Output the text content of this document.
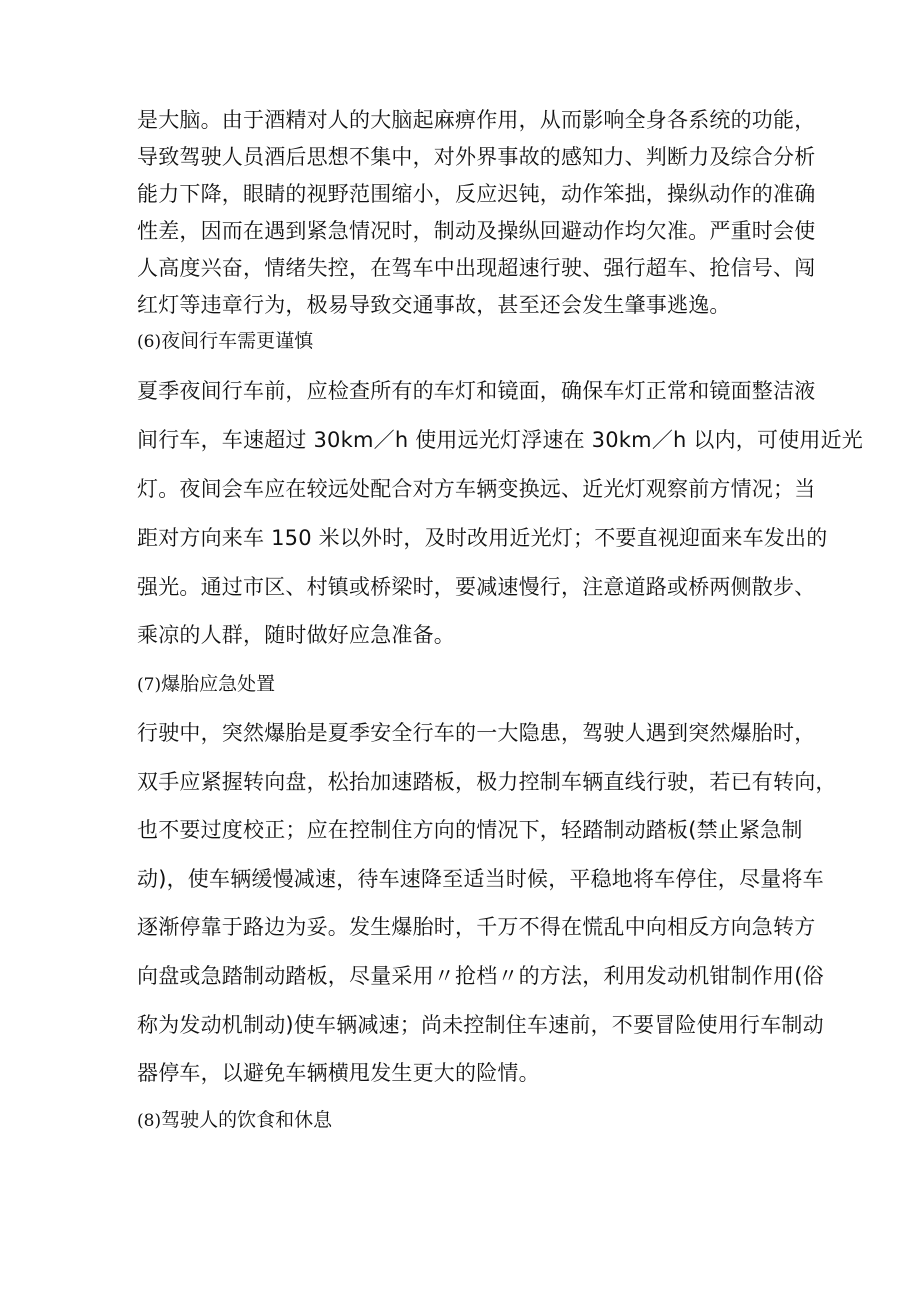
是大脑。由于酒精对人的大脑起麻痹作用，从而影响全身各系统的功能，
导致驾驶人员酒后思想不集中，对外界事故的感知力、判断力及综合分析
能力下降，眼睛的视野范围缩小，反应迟钝，动作笨拙，操纵动作的准确
性差，因而在遇到紧急情况时，制动及操纵回避动作均欠准。严重时会使
人高度兴奋，情绪失控，在驾车中出现超速行驶、强行超车、抢信号、闯
红灯等违章行为，极易导致交通事故，甚至还会发生肇事逃逸。
(6)夜间行车需更谨慎
夏季夜间行车前，应检查所有的车灯和镜面，确保车灯正常和镜面整洁液
间行车，车速超过 30km／h 使用远光灯浮速在 30km／h 以内，可使用近光
灯。夜间会车应在较远处配合对方车辆变换远、近光灯观察前方情况；当
距对方向来车 150 米以外时，及时改用近光灯；不要直视迎面来车发出的
强光。通过市区、村镇或桥梁时，要减速慢行，注意道路或桥两侧散步、
乘凉的人群，随时做好应急准备。
(7)爆胎应急处置
行驶中，突然爆胎是夏季安全行车的一大隐患，驾驶人遇到突然爆胎时，
双手应紧握转向盘，松抬加速踏板，极力控制车辆直线行驶，若已有转向，
也不要过度校正；应在控制住方向的情况下，轻踏制动踏板(禁止紧急制
动)，使车辆缓慢减速，待车速降至适当时候，平稳地将车停住，尽量将车
逐渐停靠于路边为妥。发生爆胎时，千万不得在慌乱中向相反方向急转方
向盘或急踏制动踏板，尽量采用〃抢档〃的方法，利用发动机钳制作用(俗
称为发动机制动)使车辆减速；尚未控制住车速前，不要冒险使用行车制动
器停车，以避免车辆横甩发生更大的险情。
(8)驾驶人的饮食和休息
